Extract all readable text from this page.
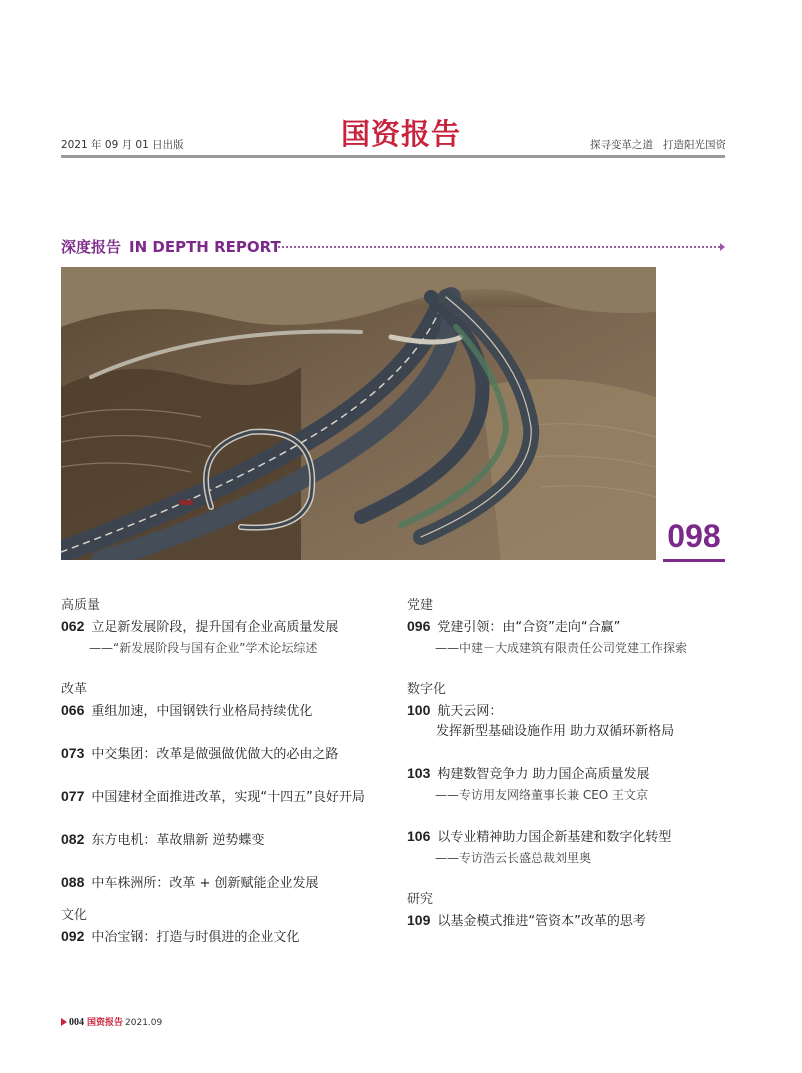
2021 年 09 月 01 日出版	国资报告	探寻变革之道 打造阳光国资
深度报告 IN DEPTH REPORT
098
高质量
062 立足新发展阶段，提升国有企业高质量发展
——“新发展阶段与国有企业”学术论坛综述
改革
066 重组加速，中国钢铁行业格局持续优化
073 中交集团：改革是做强做优做大的必由之路
077 中国建材全面推进改革，实现“十四五”良好开局
082 东方电机：革故鼎新 逆势蝶变
088 中车株洲所：改革 + 创新赋能企业发展
文化
092 中冶宝钢：打造与时俱进的企业文化
党建
096 党建引领：由“合资”走向“合赢”
——中建－大成建筑有限责任公司党建工作探索
数字化
100 航天云网：
发挥新型基础设施作用 助力双循环新格局
103 构建数智竞争力 助力国企高质量发展
——专访用友网络董事长兼 CEO 王文京
106 以专业精神助力国企新基建和数字化转型
——专访浩云长盛总裁刘里奥
研究
109 以基金模式推进“管资本”改革的思考
004 国资报告 2021.09
